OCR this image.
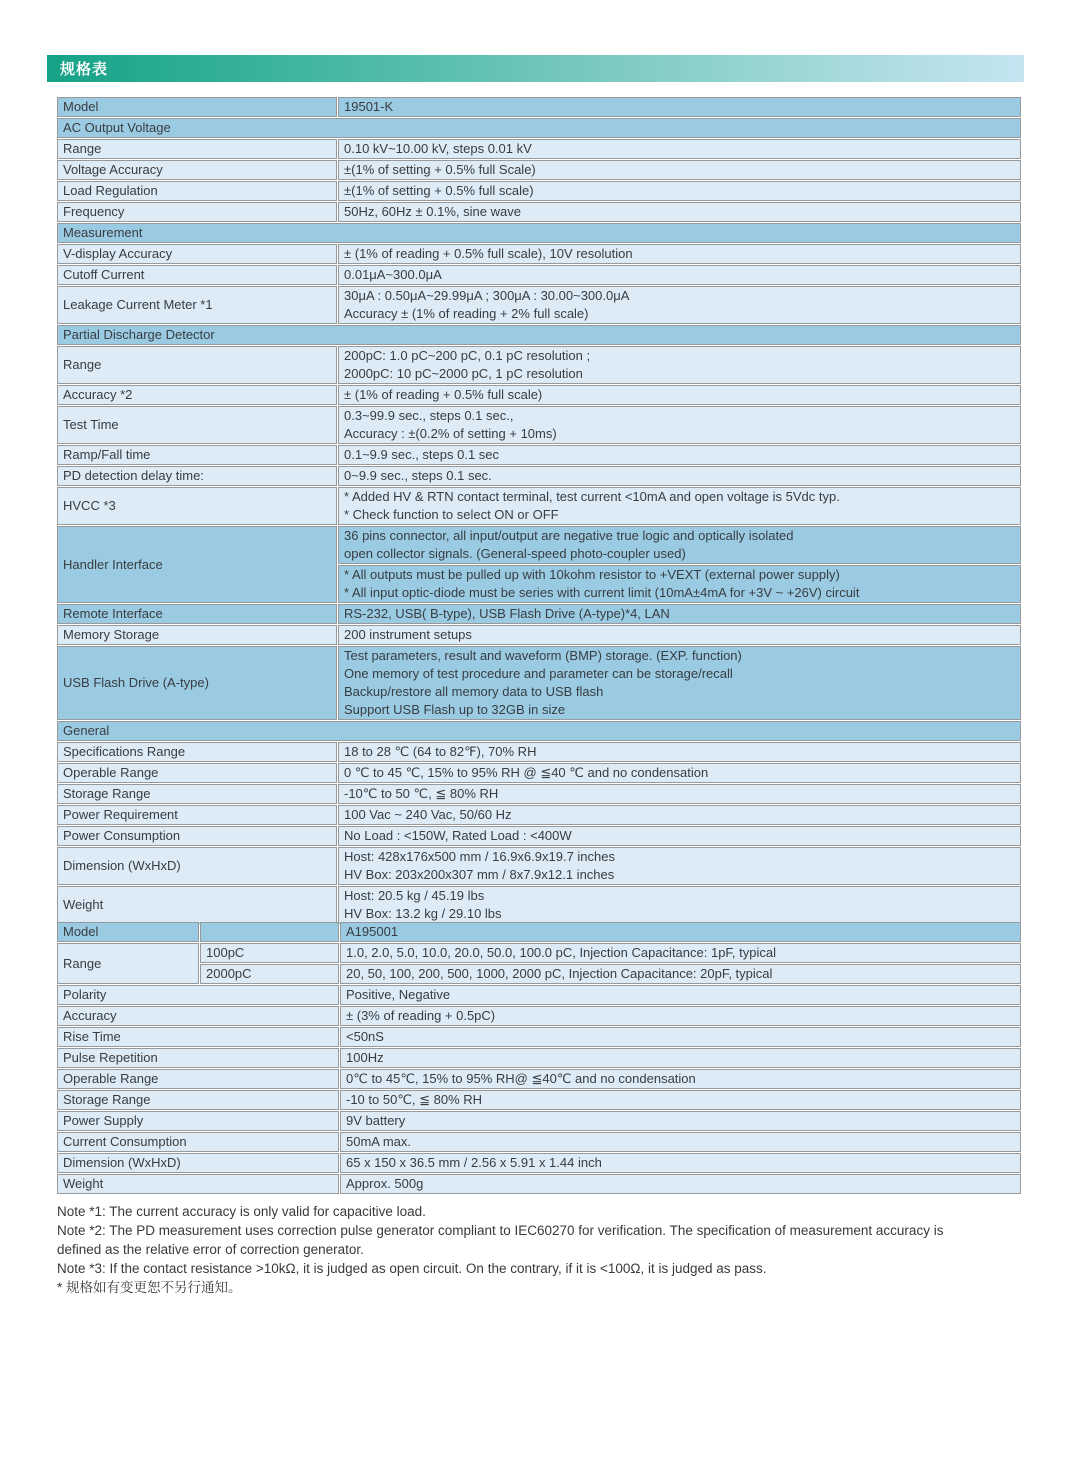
规格表
Model	19501-K

AC Output Voltage	
Range	0.10 kV~10.00 kV, steps 0.01 kV

Voltage Accuracy	±(1% of setting + 0.5% full Scale)

Load Regulation	±(1% of setting + 0.5% full scale)

Frequency	50Hz, 60Hz ± 0.1%, sine wave

Measurement	
V-display Accuracy	± (1% of reading + 0.5% full scale), 10V resolution

Cutoff Current	0.01μA~300.0μA

Leakage Current Meter *1	30μA : 0.50μA~29.99μA ; 300μA : 30.00~300.0μA
Accuracy ± (1% of reading + 2% full scale)

Partial Discharge Detector	
Range	200pC: 1.0 pC~200 pC, 0.1 pC resolution ;
2000pC: 10 pC~2000 pC, 1 pC resolution

Accuracy *2	± (1% of reading + 0.5% full scale)

Test Time	0.3~99.9 sec., steps 0.1 sec.,
Accuracy : ±(0.2% of setting + 10ms)

Ramp/Fall time	0.1~9.9 sec., steps 0.1 sec

PD detection delay time:	0~9.9 sec., steps 0.1 sec.

HVCC *3	* Added HV & RTN contact terminal, test current <10mA and open voltage is 5Vdc typ.
* Check function to select ON or OFF

Handler Interface	36 pins connector, all input/output are negative true logic and optically isolated
open collector signals. (General-speed photo-coupler used)

	* All outputs must be pulled up with 10kohm resistor to +VEXT (external power supply)
* All input optic-diode must be series with current limit (10mA±4mA for +3V ~ +26V) circuit

Remote Interface	RS-232, USB( B-type), USB Flash Drive (A-type)*4, LAN

Memory Storage	200 instrument setups

USB Flash Drive (A-type)	Test parameters, result and waveform (BMP) storage. (EXP. function)
One memory of test procedure and parameter can be storage/recall
Backup/restore all memory data to USB flash
Support USB Flash up to 32GB in size

General	
Specifications Range	18 to 28 ℃ (64 to 82℉), 70% RH

Operable Range	0 ℃ to 45 ℃, 15% to 95% RH @ ≦40 ℃ and no condensation

Storage Range	-10℃ to 50 ℃, ≦ 80% RH

Power Requirement	100 Vac ~ 240 Vac, 50/60 Hz

Power Consumption	No Load : <150W, Rated Load : <400W

Dimension (WxHxD)	Host: 428x176x500 mm / 16.9x6.9x19.7 inches
HV Box: 203x200x307 mm / 8x7.9x12.1 inches

Weight	Host: 20.5 kg / 45.19 lbs
HV Box: 13.2 kg / 29.10 lbs
Model		A195001
Range	100pC	1.0, 2.0, 5.0, 10.0, 20.0, 50.0, 100.0 pC, Injection Capacitance: 1pF, typical
	2000pC	20, 50, 100, 200, 500, 1000, 2000 pC, Injection Capacitance: 20pF, typical
Polarity		Positive, Negative
Accuracy		± (3% of reading + 0.5pC)
Rise Time		<50nS
Pulse Repetition		100Hz
Operable Range		0℃ to 45℃, 15% to 95% RH@ ≦40℃ and no condensation
Storage Range		-10 to 50℃, ≦ 80% RH
Power Supply		9V battery
Current Consumption		50mA max.
Dimension (WxHxD)		65 x 150 x 36.5 mm / 2.56 x 5.91 x 1.44 inch
Weight		Approx. 500g

Note *1: The current accuracy is only valid for capacitive load.

Note *2: The PD measurement uses correction pulse generator compliant to IEC60270 for verification. The specification of measurement accuracy is defined as the relative error of correction generator.

Note *3: If the contact resistance >10kΩ, it is judged as open circuit. On the contrary, if it is <100Ω, it is judged as pass.

* 规格如有变更恕不另行通知。
